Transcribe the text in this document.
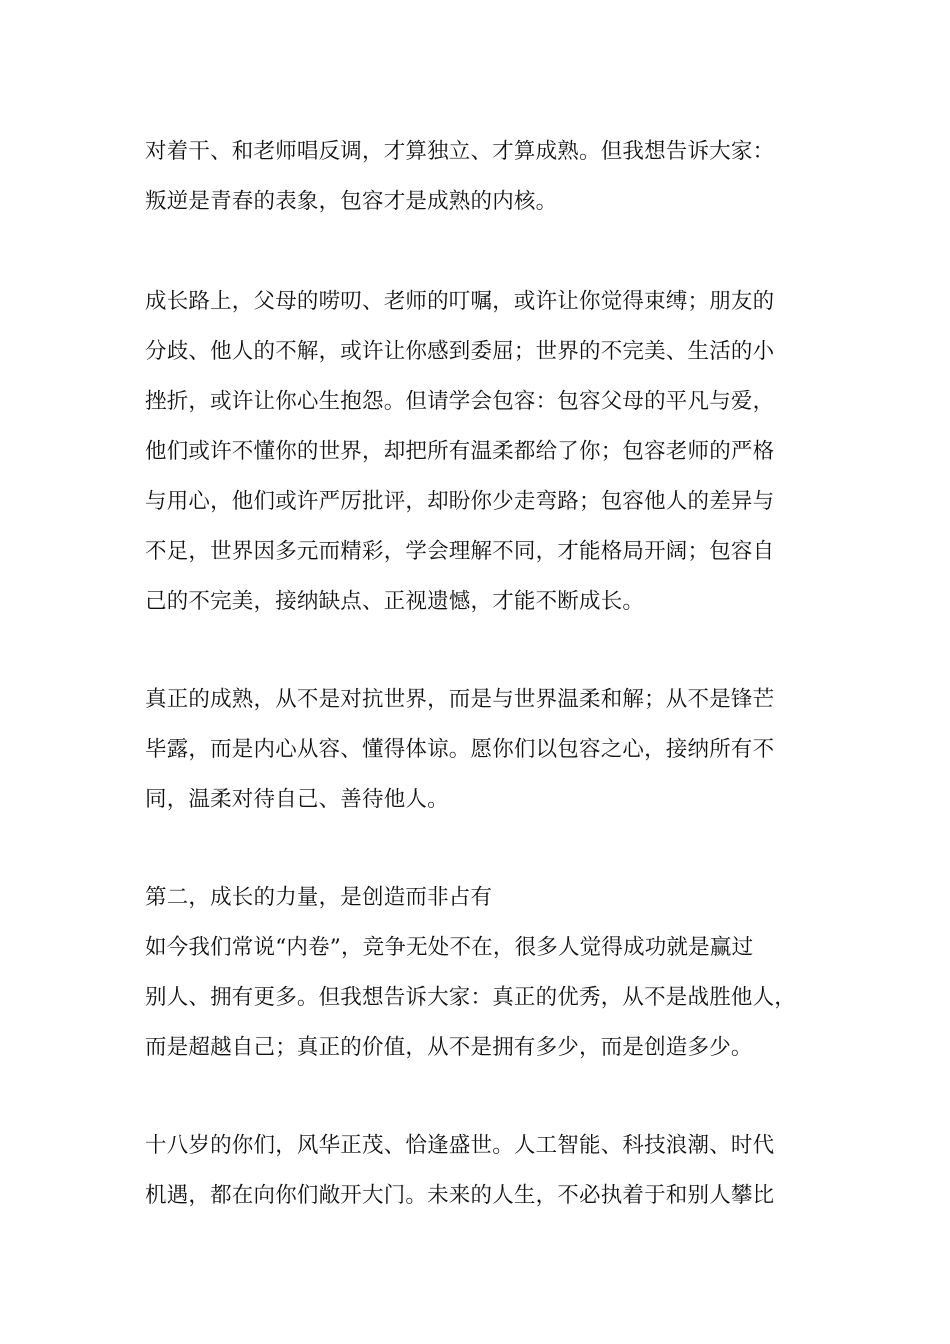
对着干、和老师唱反调，才算独立、才算成熟。但我想告诉大家：
叛逆是青春的表象，包容才是成熟的内核。
成长路上，父母的唠叨、老师的叮嘱，或许让你觉得束缚；朋友的
分歧、他人的不解，或许让你感到委屈；世界的不完美、生活的小
挫折，或许让你心生抱怨。但请学会包容：包容父母的平凡与爱，
他们或许不懂你的世界，却把所有温柔都给了你；包容老师的严格
与用心，他们或许严厉批评，却盼你少走弯路；包容他人的差异与
不足，世界因多元而精彩，学会理解不同，才能格局开阔；包容自
己的不完美，接纳缺点、正视遗憾，才能不断成长。
真正的成熟，从不是对抗世界，而是与世界温柔和解；从不是锋芒
毕露，而是内心从容、懂得体谅。愿你们以包容之心，接纳所有不
同，温柔对待自己、善待他人。
第二，成长的力量，是创造而非占有
如今我们常说“内卷”，竞争无处不在，很多人觉得成功就是赢过
别人、拥有更多。但我想告诉大家：真正的优秀，从不是战胜他人，
而是超越自己；真正的价值，从不是拥有多少，而是创造多少。
十八岁的你们，风华正茂、恰逢盛世。人工智能、科技浪潮、时代
机遇，都在向你们敞开大门。未来的人生，不必执着于和别人攀比
